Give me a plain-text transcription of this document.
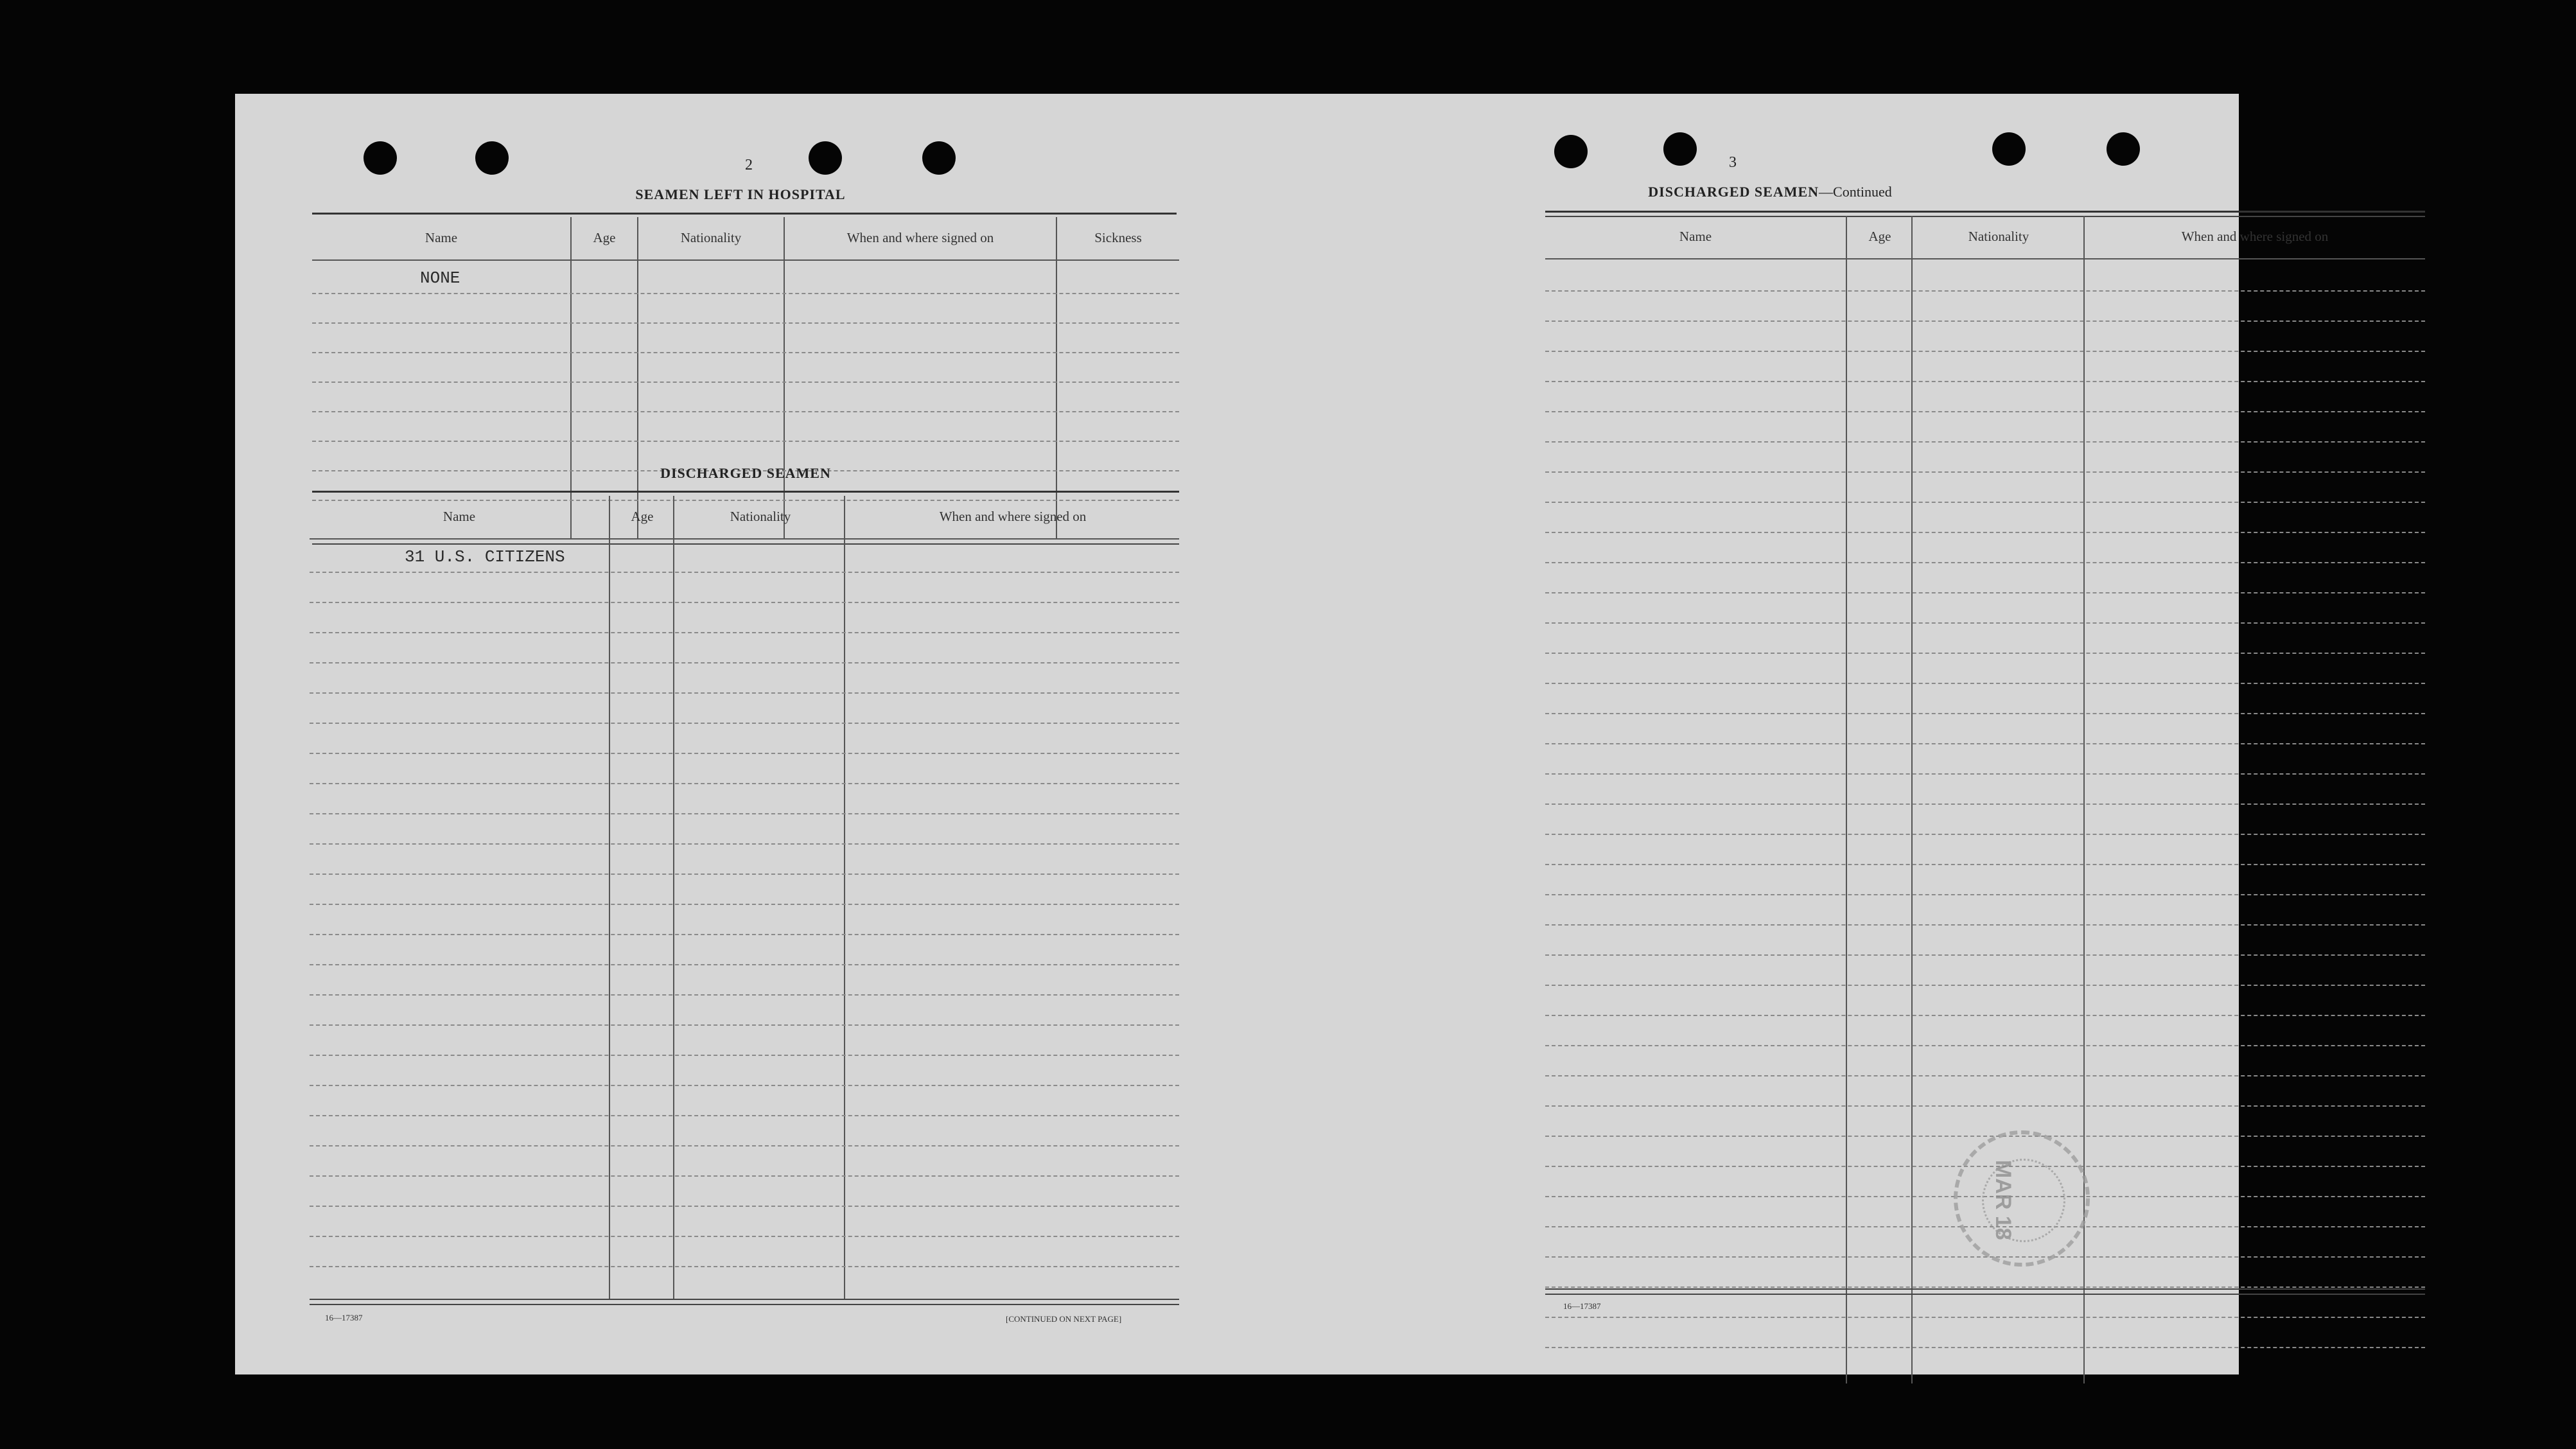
2
SEAMEN LEFT IN HOSPITAL
Name	Age	Nationality	When and where signed on	Sickness
NONE
DISCHARGED SEAMEN
Name	Age	Nationality	When and where signed on
31 U.S. CITIZENS
16—17387	[CONTINUED ON NEXT PAGE]
3
DISCHARGED SEAMEN—Continued
Name	Age	Nationality	When and where signed on
16—17387
MAR 18
